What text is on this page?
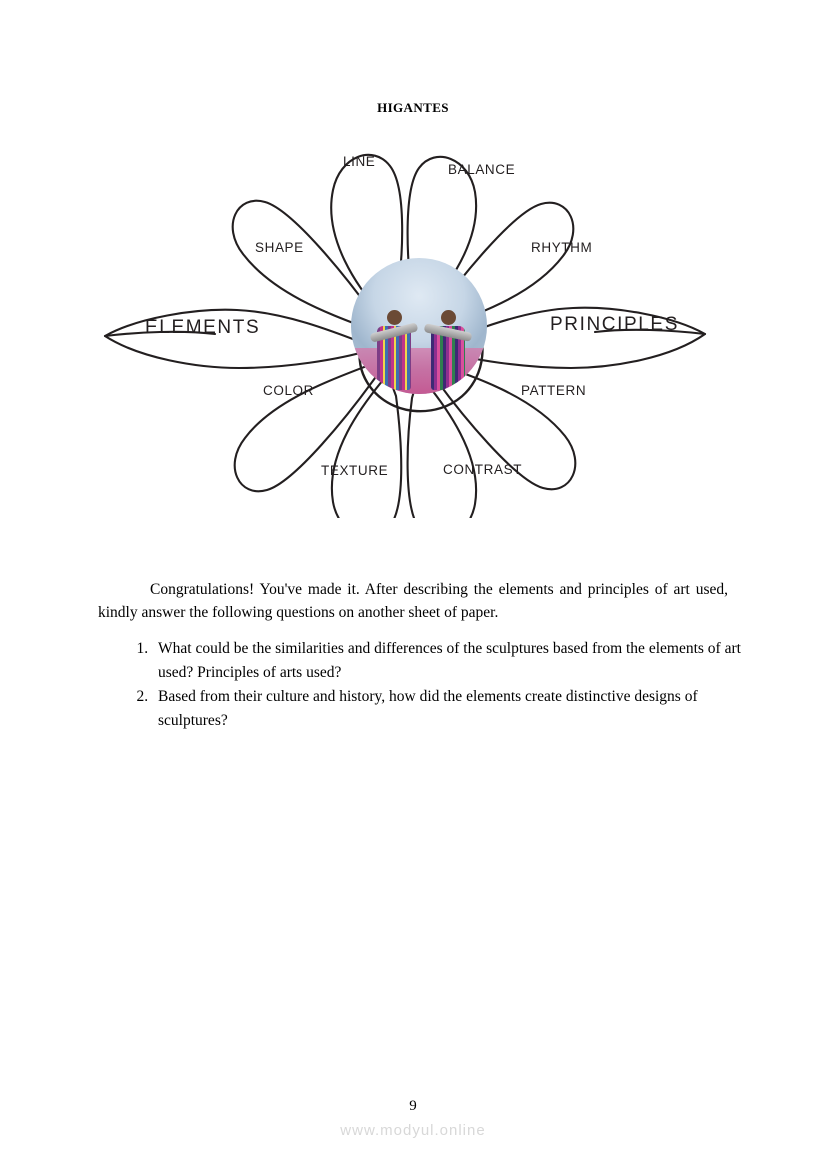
HIGANTES
LINE
BALANCE
SHAPE	RHYTHM
COLOR	PATTERN
TEXTURE	CONTRAST
ELEMENTS	PRINCIPLES

Congratulations! You've made it. After describing the elements and principles of art used, kindly answer the following questions on another sheet of paper.

1. What could be the similarities and differences of the sculptures based from the elements of art used? Principles of arts used?
2. Based from their culture and history, how did the elements create distinctive designs of sculptures?
9
www.modyul.online
